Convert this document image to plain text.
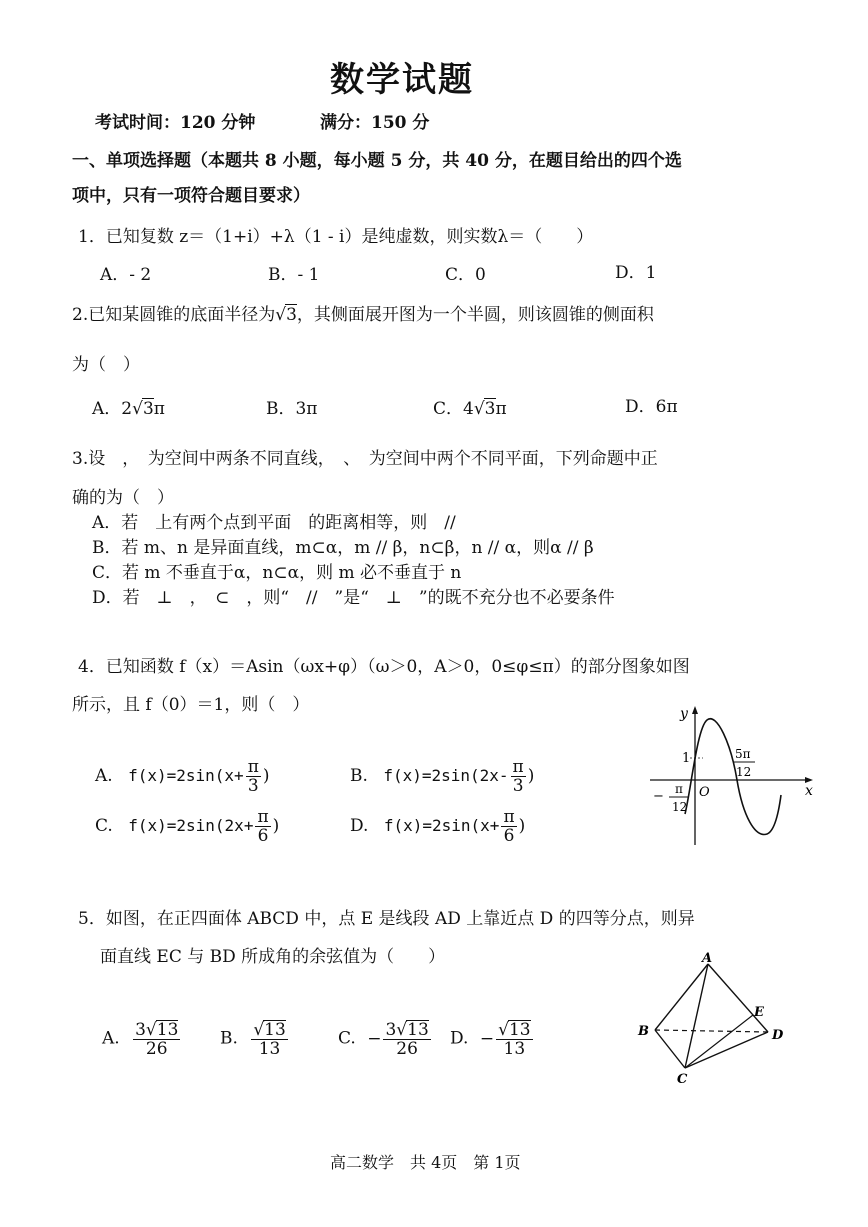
数学试题
考试时间：120 分钟	满分：150 分
一、单项选择题（本题共 8 小题，每小题 5 分，共 40 分，在题目给出的四个选
项中，只有一项符合题目要求）
1．已知复数 z＝（1+i）+λ（1 - i）是纯虚数，则实数λ＝（　　）
A．- 2	B．- 1	C．0	D．1
2.已知某圆锥的底面半径为√3，其侧面展开图为一个半圆，则该圆锥的侧面积
为（　）
A．2√3π	B．3π	C．4√3π	D．6π
3.设　，　为空间中两条不同直线，　、　为空间中两个不同平面，下列命题中正
确的为（　）
A．若　上有两个点到平面　的距离相等，则　//
B．若 m、n 是异面直线，m⊂α，m // β，n⊂β，n // α，则α // β
C．若 m 不垂直于α，n⊂α，则 m 必不垂直于 n
D．若　⊥　，　⊂　，则“　//　”是“　⊥　”的既不充分也不必要条件
4．已知函数 f（x）＝Asin（ωx+φ）（ω＞0，A＞0，0≤φ≤π）的部分图象如图
所示，且 f（0）＝1，则（　）
A. $f(x)=2\sin(x+ \frac{\pi}{3}$ )	B. $f(x)=2\sin(2x- \frac{\pi}{3}$ )
C. $f(x)=2\sin(2x+ \frac{\pi}{6}$ )	D. $f(x)=2\sin(x+ \frac{\pi}{6}$ )
y
x
O
1
− π
12
5π
12
5．如图，在正四面体 ABCD 中，点 E 是线段 AD 上靠近点 D 的四等分点，则异
面直线 EC 与 BD 所成角的余弦值为（　　）
A. $\frac{3√13}{26} B$. $\frac{√13}{13}$	C. − $\frac{3√13}{26} D$. − $\frac{√13}{13}$
A
B
C
D
E
高二数学　共 4页　第 1页
